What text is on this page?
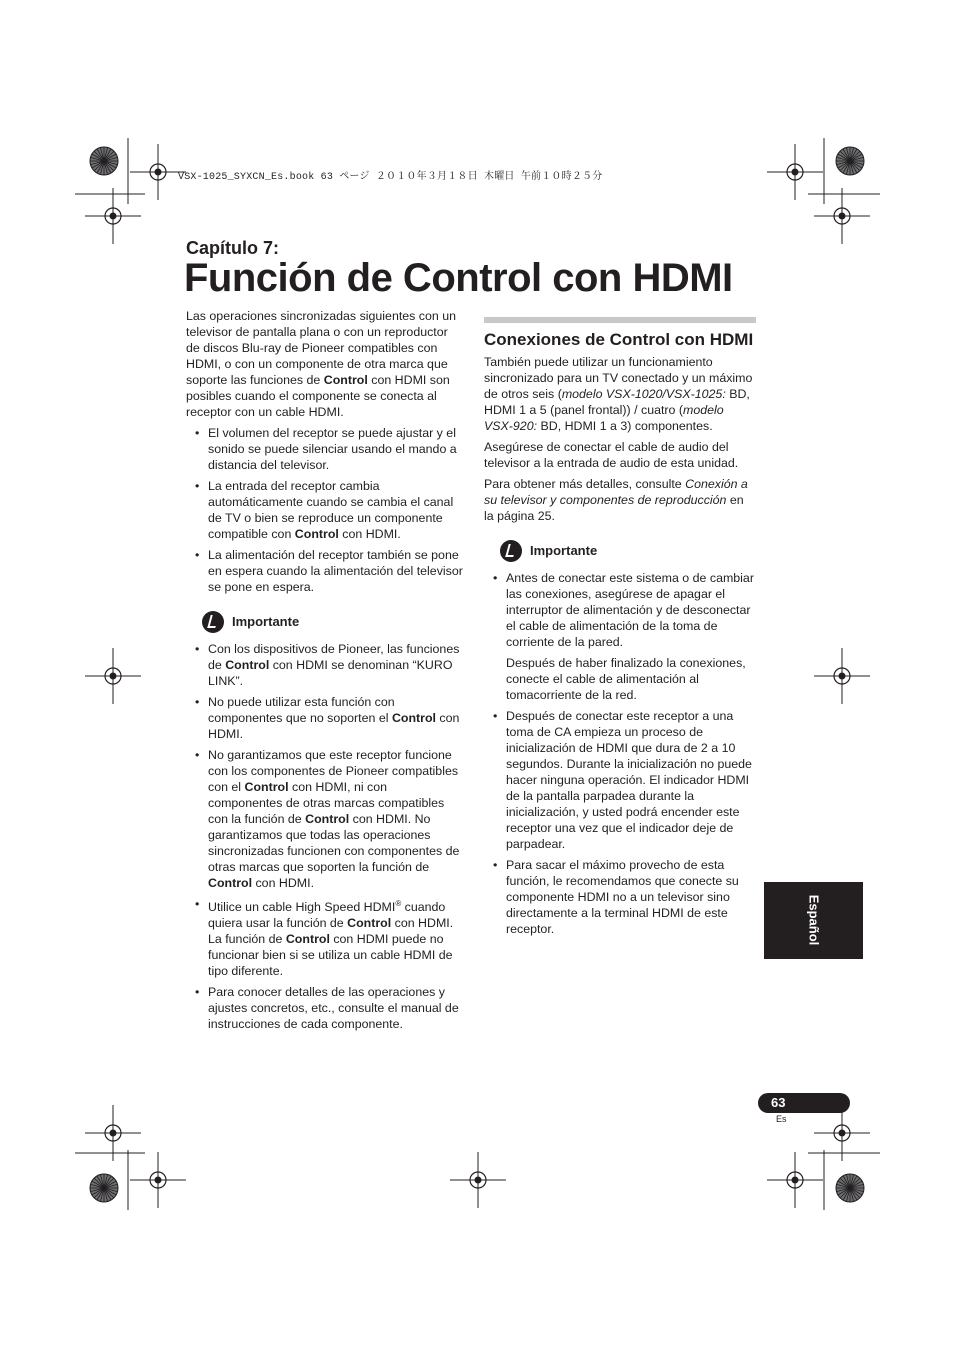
VSX-1025_SYXCN_Es.book 63 ページ ２０１０年３月１８日 木曜日 午前１０時２５分
Capítulo 7:
Función de Control con HDMI

Las operaciones sincronizadas siguientes con un televisor de pantalla plana o con un reproductor de discos Blu-ray de Pioneer compatibles con HDMI, o con un componente de otra marca que soporte las funciones de Control con HDMI son posibles cuando el componente se conecta al receptor con un cable HDMI.

• El volumen del receptor se puede ajustar y el sonido se puede silenciar usando el mando a distancia del televisor.
• La entrada del receptor cambia automáticamente cuando se cambia el canal de TV o bien se reproduce un componente compatible con Control con HDMI.
• La alimentación del receptor también se pone en espera cuando la alimentación del televisor se pone en espera.
Importante
• Con los dispositivos de Pioneer, las funciones de Control con HDMI se denominan “KURO LINK”.
• No puede utilizar esta función con componentes que no soporten el Control con HDMI.
• No garantizamos que este receptor funcione con los componentes de Pioneer compatibles con el Control con HDMI, ni con componentes de otras marcas compatibles con la función de Control con HDMI. No garantizamos que todas las operaciones sincronizadas funcionen con componentes de otras marcas que soporten la función de Control con HDMI.
• Utilice un cable High Speed HDMI® cuando quiera usar la función de Control con HDMI. La función de Control con HDMI puede no funcionar bien si se utiliza un cable HDMI de tipo diferente.
• Para conocer detalles de las operaciones y ajustes concretos, etc., consulte el manual de instrucciones de cada componente.
Conexiones de Control con HDMI

También puede utilizar un funcionamiento sincronizado para un TV conectado y un máximo de otros seis (modelo VSX-1020/VSX-1025: BD, HDMI 1 a 5 (panel frontal)) / cuatro (modelo VSX-920: BD, HDMI 1 a 3) componentes.

Asegúrese de conectar el cable de audio del televisor a la entrada de audio de esta unidad.

Para obtener más detalles, consulte Conexión a su televisor y componentes de reproducción en la página 25.

Importante
• Antes de conectar este sistema o de cambiar las conexiones, asegúrese de apagar el interruptor de alimentación y de desconectar el cable de alimentación de la toma de corriente de la pared.

Después de haber finalizado la conexiones, conecte el cable de alimentación al tomacorriente de la red.

• Después de conectar este receptor a una toma de CA empieza un proceso de inicialización de HDMI que dura de 2 a 10 segundos. Durante la inicialización no puede hacer ninguna operación. El indicador HDMI de la pantalla parpadea durante la inicialización, y usted podrá encender este receptor una vez que el indicador deje de parpadear.
• Para sacar el máximo provecho de esta función, le recomendamos que conecte su componente HDMI no a un televisor sino directamente a la terminal HDMI de este receptor.	Español
63
Es
